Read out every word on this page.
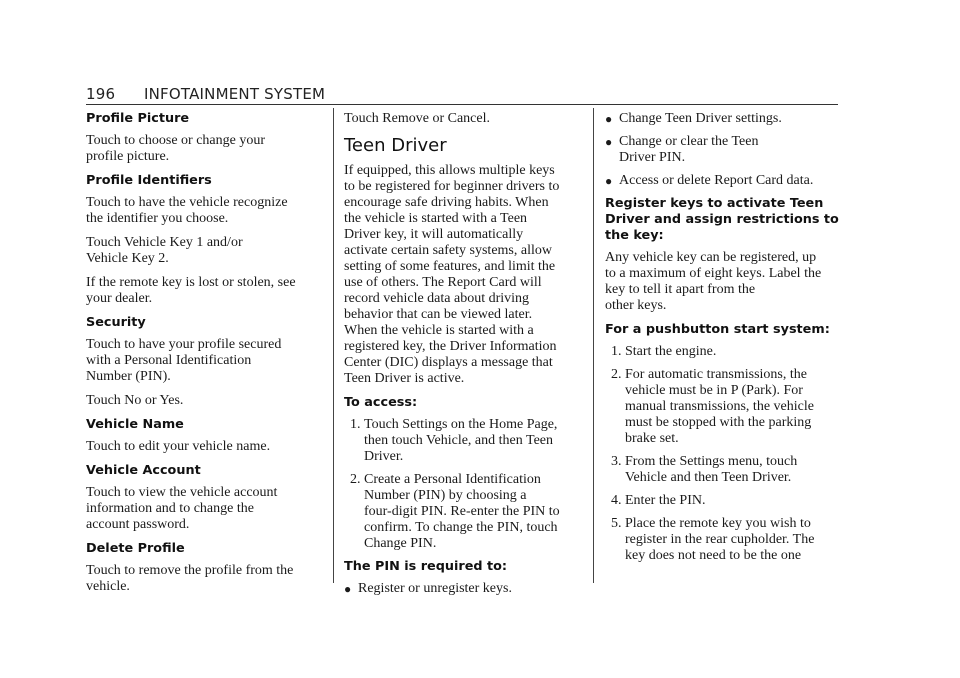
196 INFOTAINMENT SYSTEM
Profile Picture

Touch to choose or change your
profile picture.

Profile Identifiers

Touch to have the vehicle recognize
the identifier you choose.

Touch Vehicle Key 1 and/or
Vehicle Key 2.

If the remote key is lost or stolen, see
your dealer.

Security

Touch to have your profile secured
with a Personal Identification
Number (PIN).

Touch No or Yes.

Vehicle Name

Touch to edit your vehicle name.

Vehicle Account

Touch to view the vehicle account
information and to change the
account password.

Delete Profile

Touch to remove the profile from the
vehicle.

Touch Remove or Cancel.

Teen Driver

If equipped, this allows multiple keys
to be registered for beginner drivers to
encourage safe driving habits. When
the vehicle is started with a Teen
Driver key, it will automatically
activate certain safety systems, allow
setting of some features, and limit the
use of others. The Report Card will
record vehicle data about driving
behavior that can be viewed later.
When the vehicle is started with a
registered key, the Driver Information
Center (DIC) displays a message that
Teen Driver is active.

To access:
1. Touch Settings on the Home Page,
then touch Vehicle, and then Teen
Driver.
2. Create a Personal Identification
Number (PIN) by choosing a
four-digit PIN. Re-enter the PIN to
confirm. To change the PIN, touch
Change PIN.
The PIN is required to:
● Register or unregister keys.
● Change Teen Driver settings.
● Change or clear the Teen
Driver PIN.
● Access or delete Report Card data.
Register keys to activate Teen
Driver and assign restrictions to
the key:

Any vehicle key can be registered, up
to a maximum of eight keys. Label the
key to tell it apart from the
other keys.

For a pushbutton start system:
1. Start the engine.
2. For automatic transmissions, the
vehicle must be in P (Park). For
manual transmissions, the vehicle
must be stopped with the parking
brake set.
3. From the Settings menu, touch
Vehicle and then Teen Driver.
4. Enter the PIN.
5. Place the remote key you wish to
register in the rear cupholder. The
key does not need to be the one
